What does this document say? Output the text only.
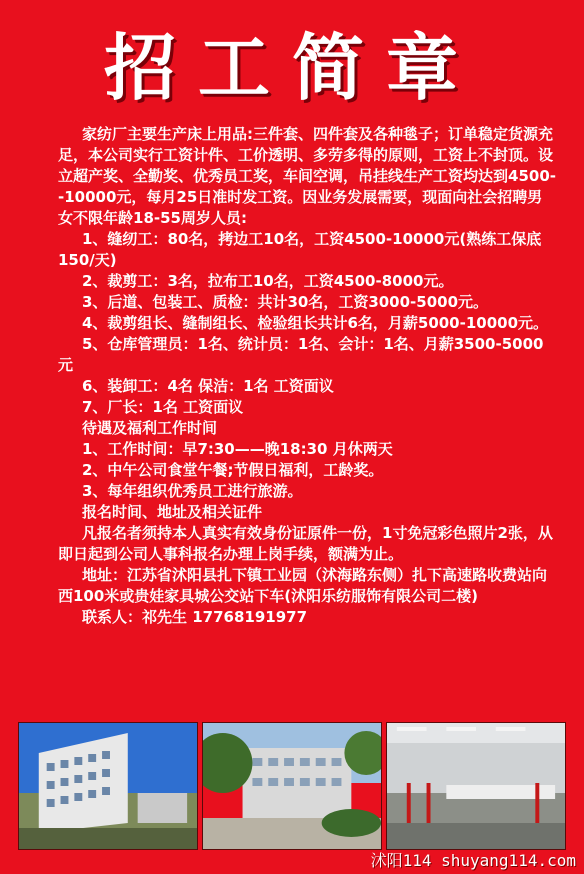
招工简章

家纺厂主要生产床上用品:三件套、四件套及各种毯子；订单稳定货源充足，本公司实行工资计件、工价透明、多劳多得的原则，工资上不封顶。设立超产奖、全勤奖、优秀员工奖，车间空调，吊挂线生产工资均达到4500--10000元，每月25日准时发工资。因业务发展需要，现面向社会招聘男女不限年龄18-55周岁人员:

1、缝纫工：80名，拷边工10名，工资4500-10000元(熟练工保底150/天)

2、裁剪工：3名，拉布工10名，工资4500-8000元。

3、后道、包装工、质检：共计30名，工资3000-5000元。

4、裁剪组长、缝制组长、检验组长共计6名，月薪5000-10000元。

5、仓库管理员：1名、统计员：1名、会计：1名、月薪3500-5000元

6、装卸工：4名 保洁：1名 工资面议

7、厂长：1名 工资面议

待遇及福利工作时间

1、工作时间：早7:30——晚18:30 月休两天

2、中午公司食堂午餐;节假日福利，工龄奖。

3、每年组织优秀员工进行旅游。

报名时间、地址及相关证件

凡报名者须持本人真实有效身份证原件一份，1寸免冠彩色照片2张，从即日起到公司人事科报名办理上岗手续，额满为止。

地址：江苏省沭阳县扎下镇工业园（沭海路东侧）扎下高速路收费站向西100米或贵娃家具城公交站下车(沭阳乐纺服饰有限公司二楼)

联系人：祁先生 17768191977

沭阳114 shuyang114.com
